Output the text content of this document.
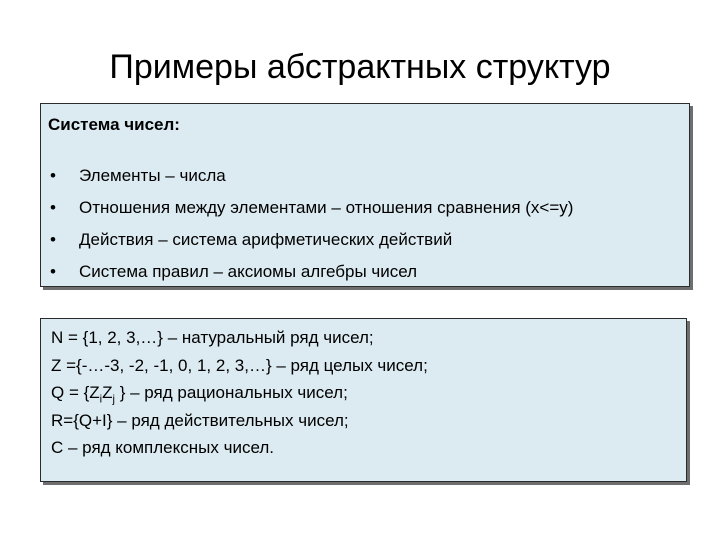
Примеры абстрактных структур
Система чисел:
• Элементы – числа
• Отношения между элементами – отношения сравнения (x<=y)
• Действия – система арифметических действий
• Система правил – аксиомы алгебры чисел
N = {1, 2, 3,…} – натуральный ряд чисел;
Z ={-…-3, -2, -1, 0, 1, 2, 3,…} – ряд целых чисел;
$Q = \{Z_iZ_j$ } – ряд рациональных чисел;
R={Q+I} – ряд действительных чисел;
C – ряд комплексных чисел.
